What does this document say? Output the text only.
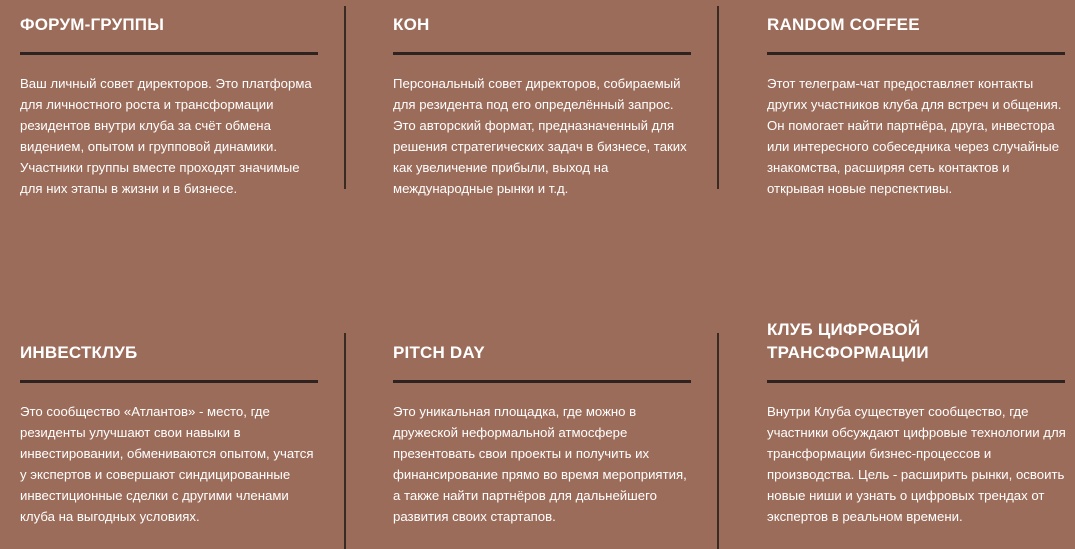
ФОРУМ-ГРУППЫ

Ваш личный совет директоров. Это платформа для личностного роста и трансформации резидентов внутри клуба за счёт обмена видением, опытом и групповой динамики. Участники группы вместе проходят значимые для них этапы в жизни и в бизнесе.

КОН

Персональный совет директоров, собираемый для резидента под его определённый запрос. Это авторский формат, предназначенный для решения стратегических задач в бизнесе, таких как увеличение прибыли, выход на международные рынки и т.д.

RANDOM COFFEE

Этот телеграм-чат предоставляет контакты других участников клуба для встреч и общения. Он помогает найти партнёра, друга, инвестора или интересного собеседника через случайные знакомства, расширяя сеть контактов и открывая новые перспективы.

ИНВЕСТКЛУБ

Это сообщество «Атлантов» - место, где резиденты улучшают свои навыки в инвестировании, обмениваются опытом, учатся у экспертов и совершают синдицированные инвестиционные сделки с другими членами клуба на выгодных условиях.

PITCH DAY

Это уникальная площадка, где можно в дружеской неформальной атмосфере презентовать свои проекты и получить их финансирование прямо во время мероприятия, а также найти партнёров для дальнейшего развития своих стартапов.

КЛУБ ЦИФРОВОЙ ТРАНСФОРМАЦИИ

Внутри Клуба существует сообщество, где участники обсуждают цифровые технологии для трансформации бизнес-процессов и производства. Цель - расширить рынки, освоить новые ниши и узнать о цифровых трендах от экспертов в реальном времени.
